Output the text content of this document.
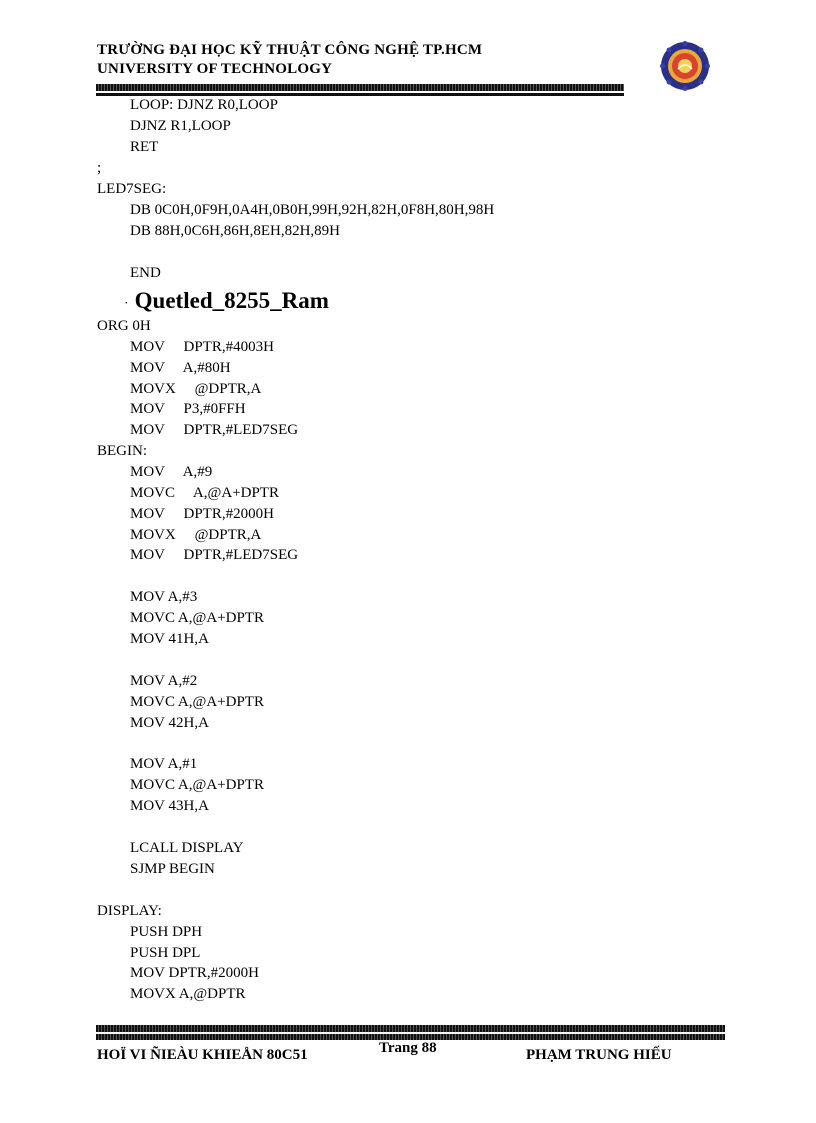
TRƯỜNG ĐẠI HỌC KỸ THUẬT CÔNG NGHỆ TP.HCM
UNIVERSITY OF TECHNOLOGY
LOOP: DJNZ R0,LOOP
DJNZ R1,LOOP
RET
;
LED7SEG:
DB 0C0H,0F9H,0A4H,0B0H,99H,92H,82H,0F8H,80H,98H
DB 88H,0C6H,86H,8EH,82H,89H
END
· Quetled_8255_Ram
ORG 0H
MOV     DPTR,#4003H
MOV     A,#80H
MOVX     @DPTR,A
MOV     P3,#0FFH
MOV     DPTR,#LED7SEG
BEGIN:
MOV     A,#9
MOVC     A,@A+DPTR
MOV     DPTR,#2000H
MOVX     @DPTR,A
MOV     DPTR,#LED7SEG
MOV A,#3
MOVC A,@A+DPTR
MOV 41H,A
MOV A,#2
MOVC A,@A+DPTR
MOV 42H,A
MOV A,#1
MOVC A,@A+DPTR
MOV 43H,A
LCALL DISPLAY
SJMP BEGIN
DISPLAY:
PUSH DPH
PUSH DPL
MOV DPTR,#2000H
MOVX A,@DPTR
HOÏ VI ÑIEÀU KHIEÅN 80C51	Trang 88	PHẠM TRUNG HIẾU
